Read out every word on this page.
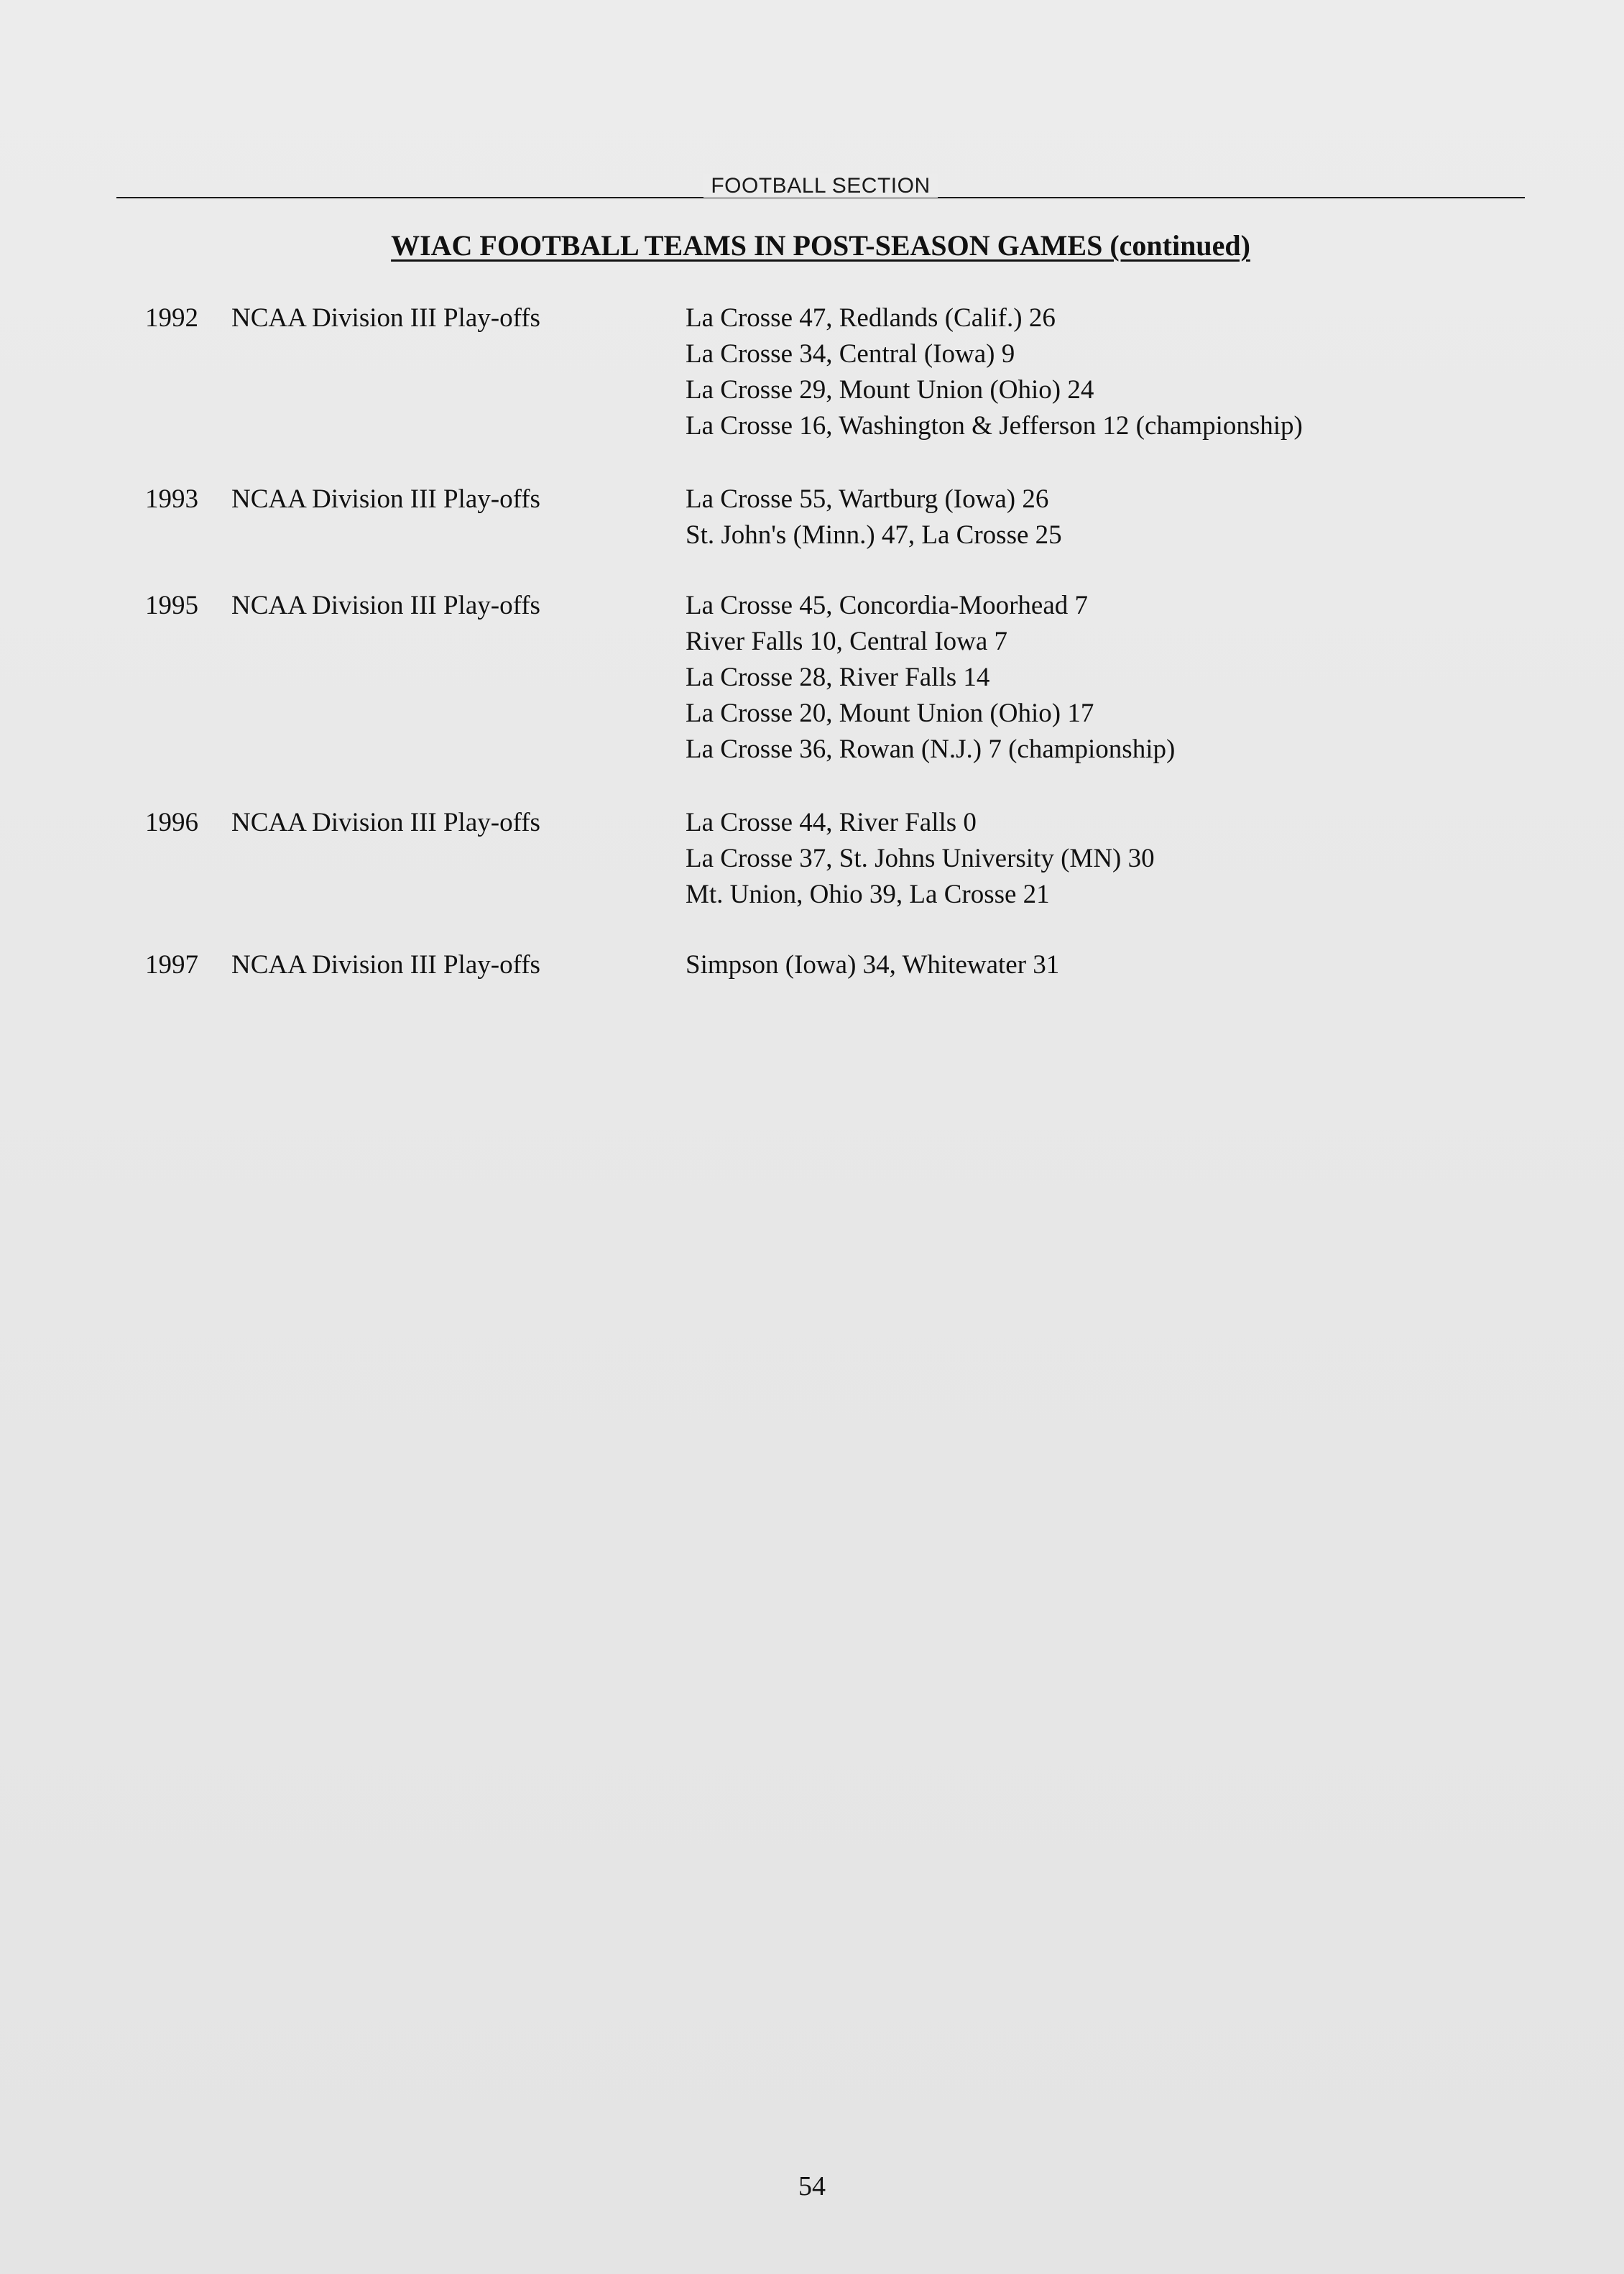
FOOTBALL SECTION
WIAC FOOTBALL TEAMS IN POST-SEASON GAMES (continued)
1992	NCAA Division III Play-offs	La Crosse 47, Redlands (Calif.) 26
La Crosse 34, Central (Iowa) 9
La Crosse 29, Mount Union (Ohio) 24
La Crosse 16, Washington & Jefferson 12 (championship)
1993	NCAA Division III Play-offs	La Crosse 55, Wartburg (Iowa) 26
St. John's (Minn.) 47, La Crosse 25
1995	NCAA Division III Play-offs	La Crosse 45, Concordia-Moorhead 7
River Falls 10, Central Iowa 7
La Crosse 28, River Falls 14
La Crosse 20, Mount Union (Ohio) 17
La Crosse 36, Rowan (N.J.) 7 (championship)
1996	NCAA Division III Play-offs	La Crosse 44, River Falls 0
La Crosse 37, St. Johns University (MN) 30
Mt. Union, Ohio 39, La Crosse 21
1997	NCAA Division III Play-offs	Simpson (Iowa) 34, Whitewater 31
54
